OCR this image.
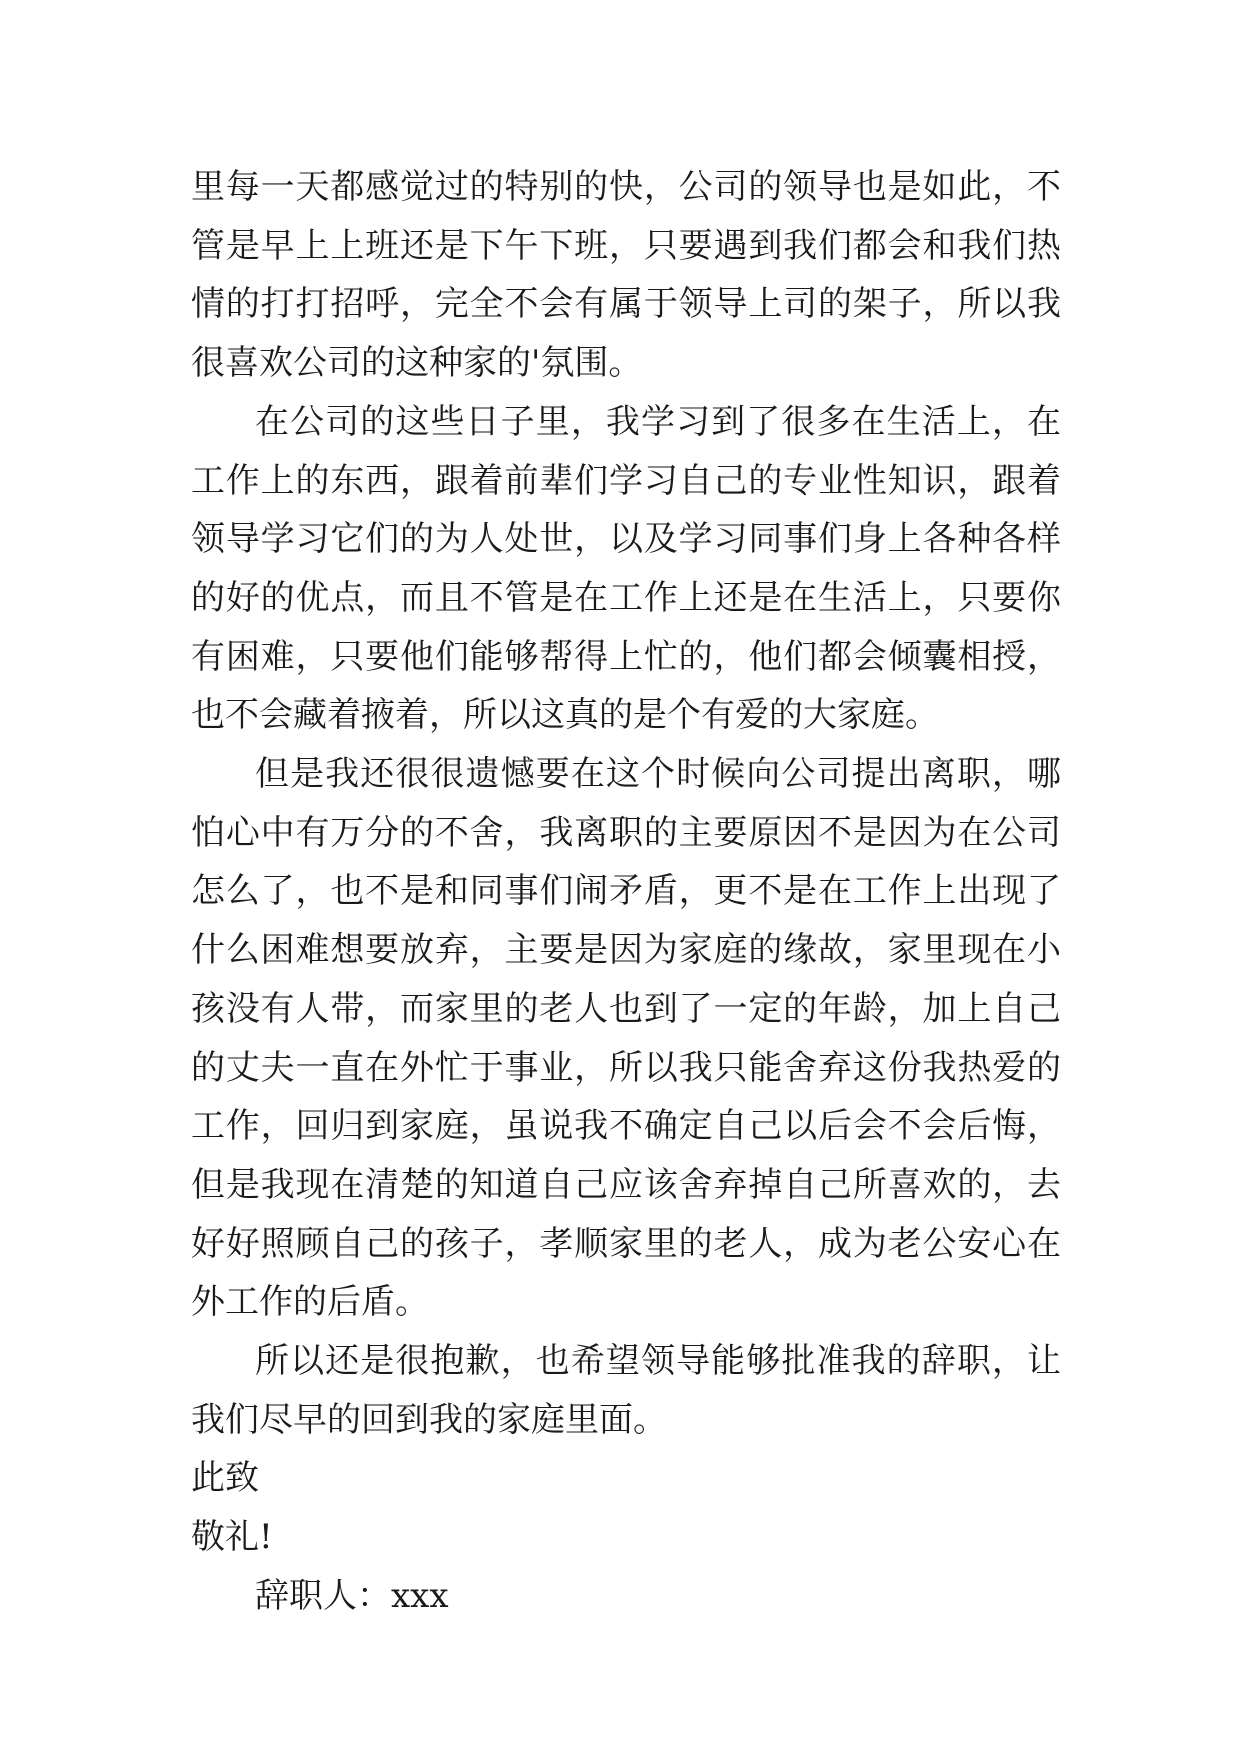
里每一天都感觉过的特别的快，公司的领导也是如此，不管是早上上班还是下午下班，只要遇到我们都会和我们热情的打打招呼，完全不会有属于领导上司的架子，所以我很喜欢公司的这种家的'氛围。

在公司的这些日子里，我学习到了很多在生活上，在工作上的东西，跟着前辈们学习自己的专业性知识，跟着领导学习它们的为人处世，以及学习同事们身上各种各样的好的优点，而且不管是在工作上还是在生活上，只要你有困难，只要他们能够帮得上忙的，他们都会倾囊相授，也不会藏着掖着，所以这真的是个有爱的大家庭。

但是我还很很遗憾要在这个时候向公司提出离职，哪怕心中有万分的不舍，我离职的主要原因不是因为在公司怎么了，也不是和同事们闹矛盾，更不是在工作上出现了什么困难想要放弃，主要是因为家庭的缘故，家里现在小孩没有人带，而家里的老人也到了一定的年龄，加上自己的丈夫一直在外忙于事业，所以我只能舍弃这份我热爱的工作，回归到家庭，虽说我不确定自己以后会不会后悔，但是我现在清楚的知道自己应该舍弃掉自己所喜欢的，去好好照顾自己的孩子，孝顺家里的老人，成为老公安心在外工作的后盾。

所以还是很抱歉，也希望领导能够批准我的辞职，让我们尽早的回到我的家庭里面。

此致

敬礼!

辞职人：xxx
